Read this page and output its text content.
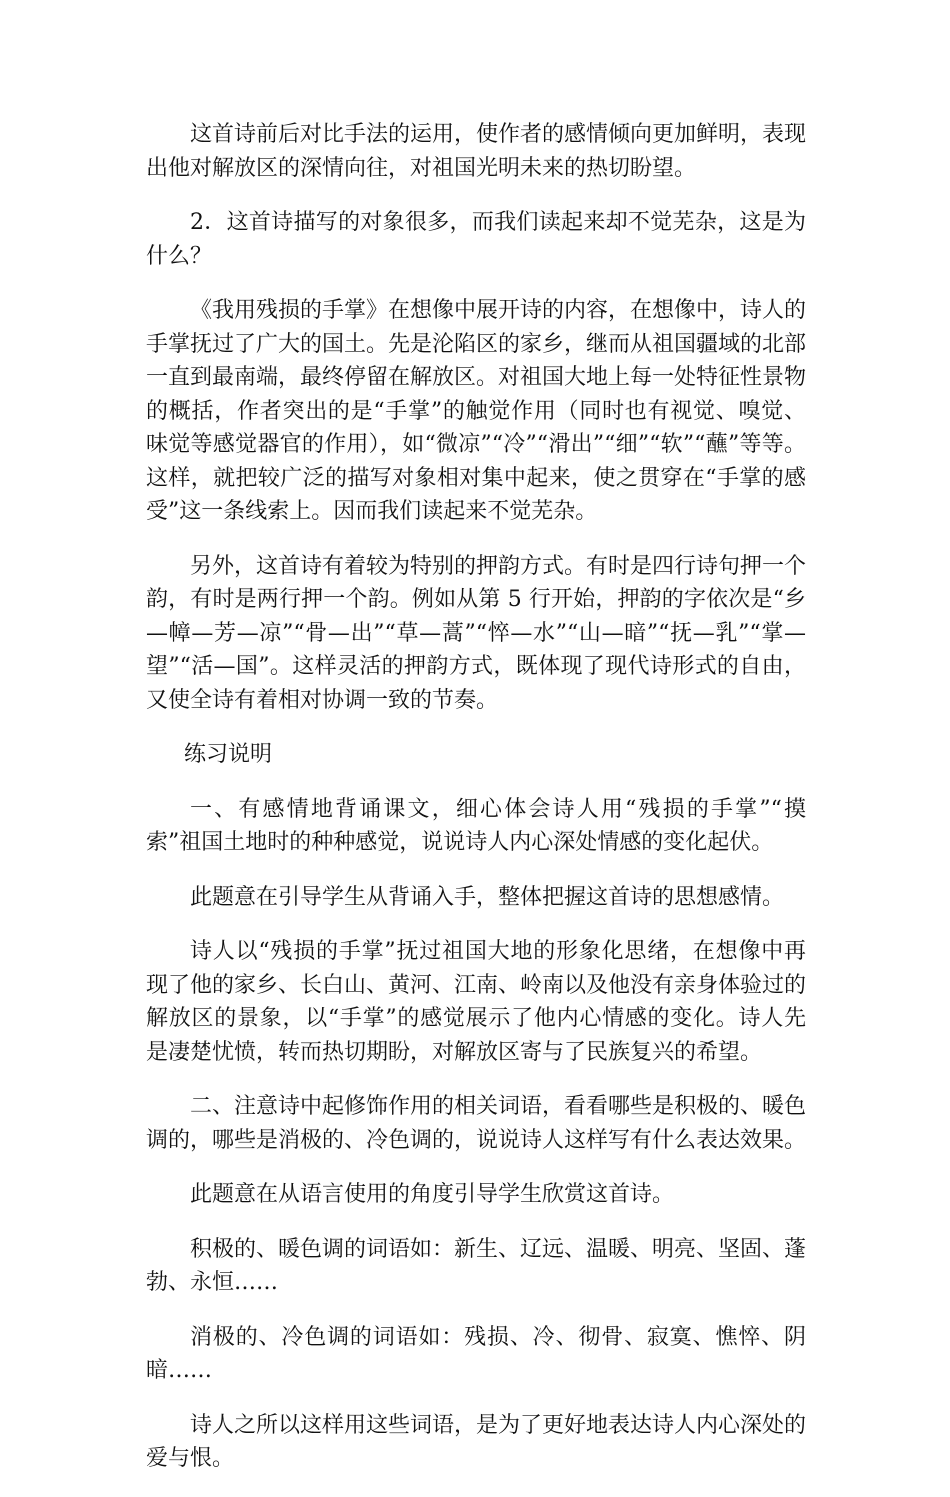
这首诗前后对比手法的运用，使作者的感情倾向更加鲜明，表现出他对解放区的深情向往，对祖国光明未来的热切盼望。

2．这首诗描写的对象很多，而我们读起来却不觉芜杂，这是为什么？

《我用残损的手掌》在想像中展开诗的内容，在想像中，诗人的手掌抚过了广大的国土。先是沦陷区的家乡，继而从祖国疆域的北部一直到最南端，最终停留在解放区。对祖国大地上每一处特征性景物的概括，作者突出的是“手掌”的触觉作用（同时也有视觉、嗅觉、味觉等感觉器官的作用），如“微凉”“冷”“滑出”“细”“软”“蘸”等等。这样，就把较广泛的描写对象相对集中起来，使之贯穿在“手掌的感受”这一条线索上。因而我们读起来不觉芜杂。

另外，这首诗有着较为特别的押韵方式。有时是四行诗句押一个韵，有时是两行押一个韵。例如从第 5 行开始，押韵的字依次是“乡—幛—芳—凉”“骨—出”“草—蒿”“悴—水”“山—暗”“抚—乳”“掌—望”“活—国”。这样灵活的押韵方式，既体现了现代诗形式的自由，又使全诗有着相对协调一致的节奏。

练习说明

一、有感情地背诵课文，细心体会诗人用“残损的手掌”“摸索”祖国土地时的种种感觉，说说诗人内心深处情感的变化起伏。

此题意在引导学生从背诵入手，整体把握这首诗的思想感情。

诗人以“残损的手掌”抚过祖国大地的形象化思绪，在想像中再现了他的家乡、长白山、黄河、江南、岭南以及他没有亲身体验过的解放区的景象，以“手掌”的感觉展示了他内心情感的变化。诗人先是凄楚忧愤，转而热切期盼，对解放区寄与了民族复兴的希望。

二、注意诗中起修饰作用的相关词语，看看哪些是积极的、暖色调的，哪些是消极的、冷色调的，说说诗人这样写有什么表达效果。

此题意在从语言使用的角度引导学生欣赏这首诗。

积极的、暖色调的词语如：新生、辽远、温暖、明亮、坚固、蓬勃、永恒……

消极的、冷色调的词语如：残损、冷、彻骨、寂寞、憔悴、阴暗……

诗人之所以这样用这些词语，是为了更好地表达诗人内心深处的爱与恨。
